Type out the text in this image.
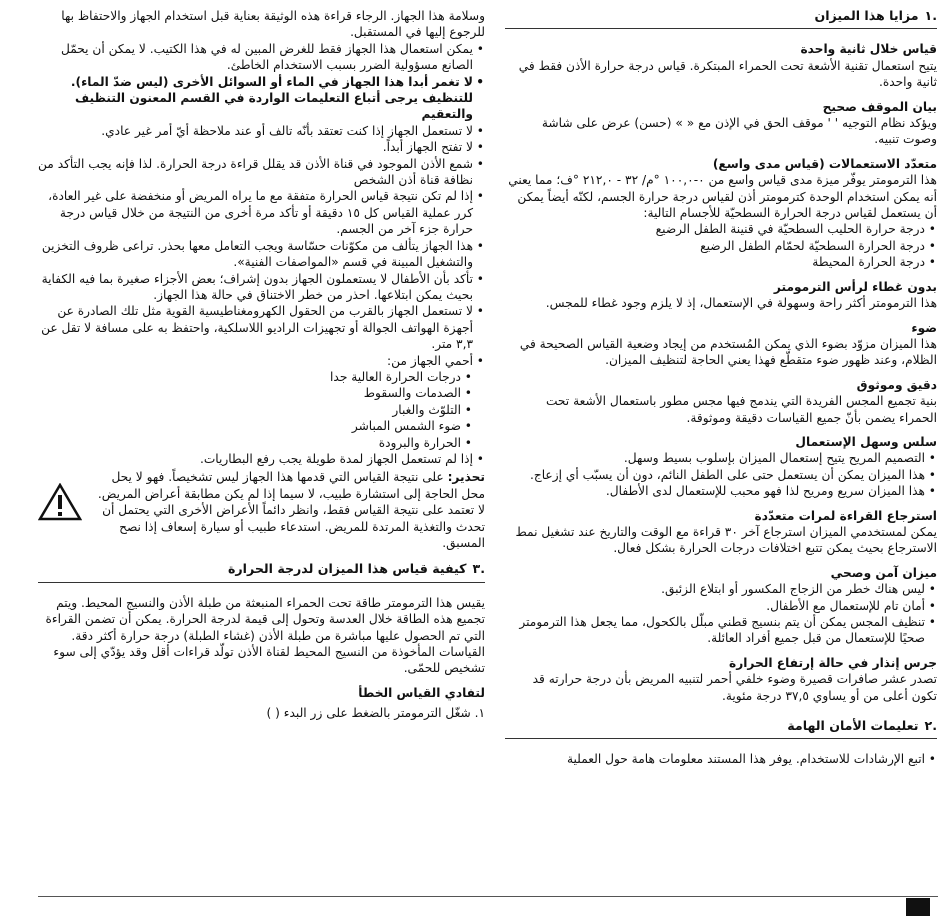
.١مزايا هذا الميزان
قياس خلال ثانية واحدة

يتيح استعمال تقنية الأشعة تحت الحمراء المبتكرة. قياس درجة حرارة الأذن فقط في ثانية واحدة.

بيان الموقف صحيح

ويؤكد نظام التوجيه ' ' موقف الحق في الإذن مع « » (حسن) عرض على شاشة وصوت تنبيه.

متعدّد الاستعمالات (قياس مدى واسع)

هذا الترمومتر يوفّر ميزة مدى قياس واسع من ٠-١٠٠,٠ °م/ ٣٢ - ٢١٢,٠ °ف؛ مما يعني أنه يمكن استخدام الوحدة كترمومتر أذن لقياس درجة حرارة الجسم، لكنّه أيضاً يمكن أن يستعمل لقياس درجة الحرارة السطحيّة للأجسام التالية:

• درجة حرارة الحليب السطحيّة في قنينة الطفل الرضيع
• درجة الحرارة السطحيّة لحمّام الطفل الرضيع
• درجة الحرارة المحيطة
بدون غطاء لرأس الترمومتر

هذا الترمومتر أكثر راحة وسهولة في الإستعمال، إذ لا يلزم وجود غطاء للمجس.

ضوء

هذا الميزان مزوّد بضوء الذي يمكن المُستخدم من إيجاد وضعية القياس الصحيحة في الظلام، وعند ظهور ضوء متقطّع فهذا يعني الحاجة لتنظيف الميزان.

دقيق وموثوق

بنية تجميع المجس الفريدة التي يندمج فيها مجس مطور باستعمال الأشعة تحت الحمراء يضمن بأنّ جميع القياسات دقيقة وموثوقة.

سلس وسهل الإستعمال
• التصميم المريح يتيح إستعمال الميزان بإسلوب بسيط وسهل.
• هذا الميزان يمكن أن يستعمل حتى على الطفل النائم، دون أن يسبّب أي إزعاج.
• هذا الميزان سريع ومريح لذا فهو محبب للإستعمال لدى الأطفال.
استرجاع القراءة لمرات متعدّدة

يمكن لمستخدمي الميزان استرجاع آخر ٣٠ قراءة مع الوقت والتاريخ عند تشغيل نمط الاسترجاع بحيث يمكن تتبع اختلافات درجات الحرارة بشكل فعال.

ميزان آمن وصحي
• ليس هناك خطر من الزجاج المكسور أو ابتلاع الزئبق.
• أمان تام للإستعمال مع الأطفال.
• تنظيف المجس يمكن أن يتم بنسيج قطني مبلّل بالكحول، مما يجعل هذا الترمومتر صحيًا للإستعمال من قبل جميع أفراد العائلة.
جرس إنذار في حالة إرتفاع الحرارة

تصدر عشر صافرات قصيرة وضوء خلفي أحمر لتنبيه المريض بأن درجة حرارته قد تكون أعلى من أو يساوي ٣٧,٥ درجة مئوية.

.٢تعليمات الأمان الهامة
• اتبع الإرشادات للاستخدام. يوفر هذا المستند معلومات هامة حول العملية

وسلامة هذا الجهاز. الرجاء قراءة هذه الوثيقة بعناية قبل استخدام الجهاز والاحتفاظ بها للرجوع إليها في المستقبل.

• يمكن استعمال هذا الجهاز فقط للغرض المبين له في هذا الكتيب. لا يمكن أن يحمّل الصانع مسؤولية الضرر بسبب الاستخدام الخاطئ.
• لا تغمر أبدا هذا الجهاز في الماء أو السوائل الأخرى (ليس ضدّ الماء). للتنظيف يرجى أتباع التعليمات الواردة في القسم المعنون التنظيف والتعقيم
• لا تستعمل الجهاز إذا كنت تعتقد بأنّه تالف أو عند ملاحظة أيّ أمر غير عادي.
• لا تفتح الجهاز أبداً.
• شمع الأذن الموجود في قناة الأذن قد يقلل قراءة درجة الحرارة. لذا فإنه يجب التأكد من نظافة قناة أذن الشخص
• إذا لم تكن نتيجة قياس الحرارة متفقة مع ما يراه المريض أو منخفضة على غير العادة، كرر عملية القياس كل ١٥ دقيقة أو تأكد مرة أخرى من النتيجة من خلال قياس درجة حرارة جزء آخر من الجسم.
• هذا الجهاز يتألف من مكوّنات حسّاسة ويجب التعامل معها بحذر. تراعى ظروف التخزين والتشغيل المبينة في قسم «المواصفات الفنية».
• تأكد بأن الأطفال لا يستعملون الجهاز بدون إشراف؛ بعض الأجزاء صغيرة بما فيه الكفاية بحيث يمكن ابتلاعها. احذر من خطر الاختناق في حالة هذا الجهاز.
• لا تستعمل الجهاز بالقرب من الحقول الكهرومغناطيسية القوية مثل تلك الصادرة عن أجهزة الهواتف الجوالة أو تجهيزات الراديو اللاسلكية، واحتفظ به على مسافة لا تقل عن ٣,٣ متر.
• أحمي الجهاز من:
• درجات الحرارة العالية جدا
• الصدمات والسقوط
• التلوّث والغبار
• ضوء الشمس المباشر
• الحرارة والبرودة
• إذا لم تستعمل الجهاز لمدة طويلة يجب رفع البطاريات.

تحذير: على نتيجة القياس التي قدمها هذا الجهاز ليس تشخيصاً. فهو لا يحل محل الحاجة إلى استشارة طبيب، لا سيما إذا لم يكن مطابقة أعراض المريض. لا تعتمد على نتيجة القياس فقط، وانظر دائماً الأعراض الأخرى التي يحتمل أن تحدث والتغذية المرتدة للمريض. استدعاء طبيب أو سيارة إسعاف إذا نصح المسبق.

.٣كيفية قياس هذا الميزان لدرجة الحرارة

يقيس هذا الترمومتر طاقة تحت الحمراء المنبعثة من طبلة الأذن والنسيج المحيط. ويتم تجميع هذه الطاقة خلال العدسة وتحول إلى قيمة لدرجة الحرارة. يمكن أن تضمن القراءة التي تم الحصول عليها مباشرة من طبلة الأذن (غشاء الطبلة) درجة حرارة أكثر دقة.

القياسات المأخوذة من النسيج المحيط لقناة الأذن تولّد قراءات أقل وقد يؤدّي إلى سوء تشخيص للحمّى.

لتفادي القياس الخطأ

١. شغّل الترمومتر بالضغط على زر البدء ( )
